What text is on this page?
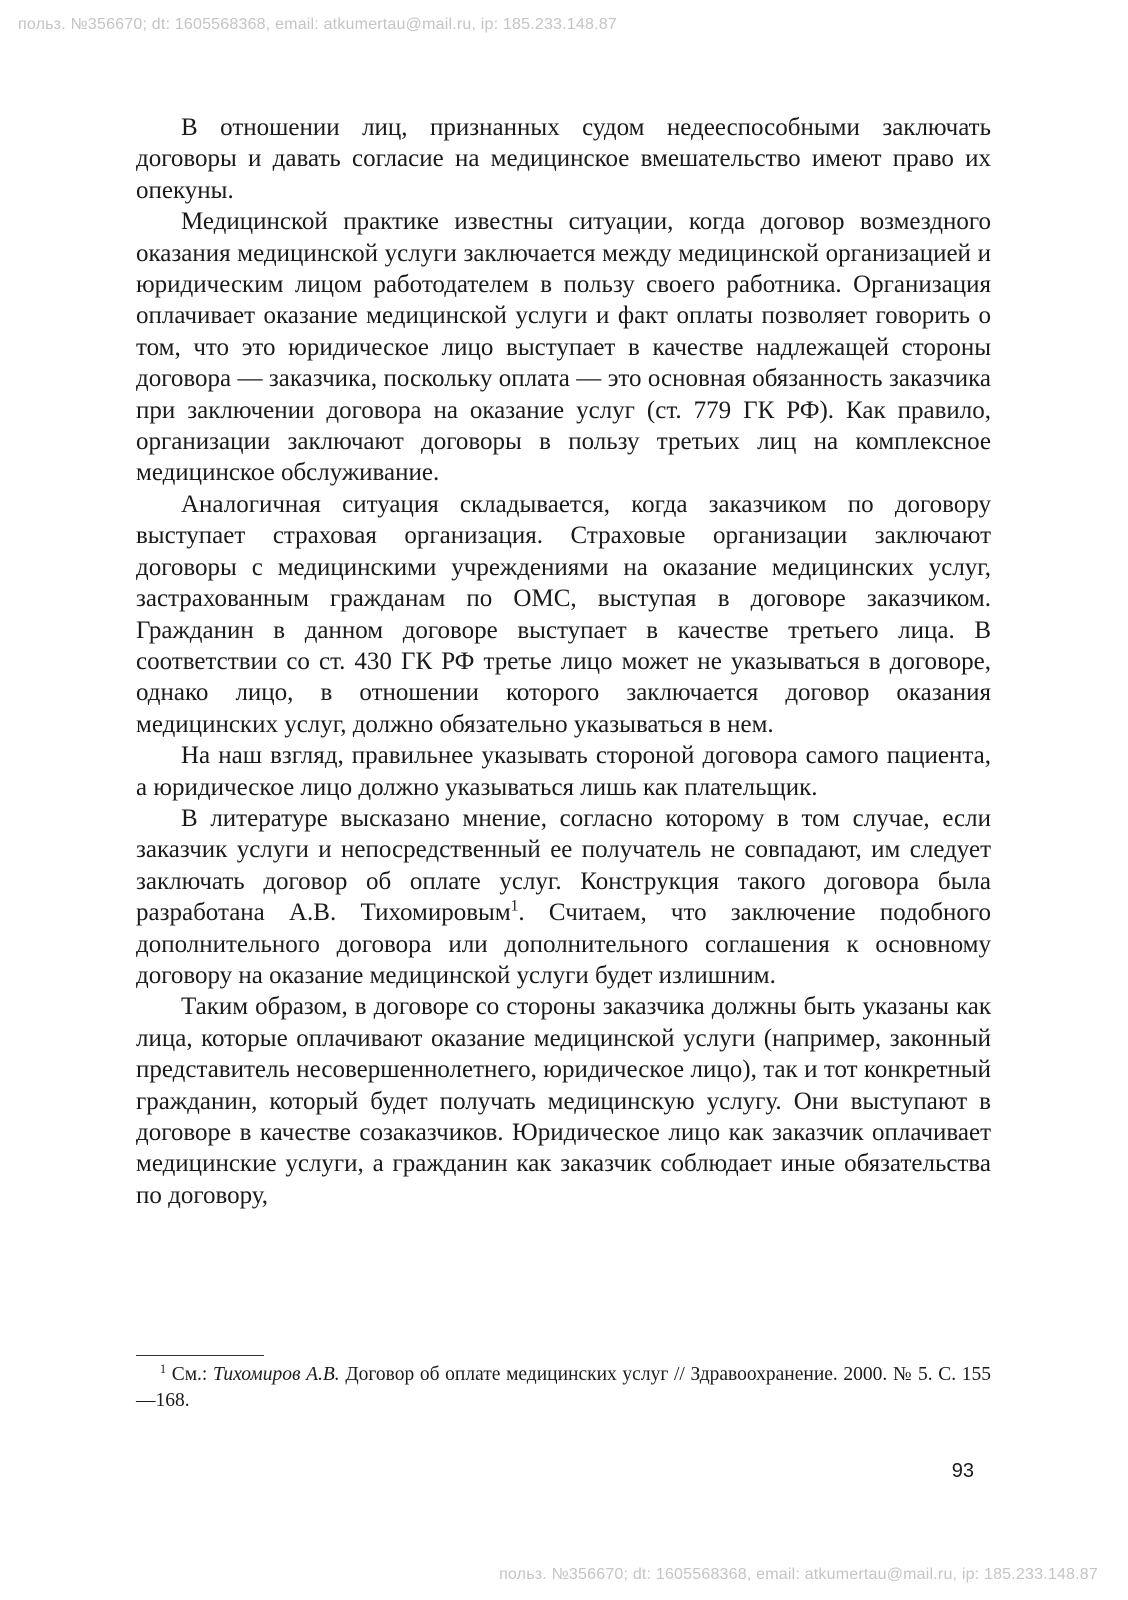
польз. №356670; dt: 1605568368, email: atkumertau@mail.ru, ip: 185.233.148.87

В отношении лиц, признанных судом недееспособными заключать договоры и давать согласие на медицинское вмешательство имеют право их опекуны.

Медицинской практике известны ситуации, когда договор возмездного оказания медицинской услуги заключается между медицинской организацией и юридическим лицом работодателем в пользу своего работника. Организация оплачивает оказание медицинской услуги и факт оплаты позволяет говорить о том, что это юридическое лицо выступает в качестве надлежащей стороны договора — заказчика, поскольку оплата — это основная обязанность заказчика при заключении договора на оказание услуг (ст. 779 ГК РФ). Как правило, организации заключают договоры в пользу третьих лиц на комплексное медицинское обслуживание.

Аналогичная ситуация складывается, когда заказчиком по договору выступает страховая организация. Страховые организации заключают договоры с медицинскими учреждениями на оказание медицинских услуг, застрахованным гражданам по ОМС, выступая в договоре заказчиком. Гражданин в данном договоре выступает в качестве третьего лица. В соответствии со ст. 430 ГК РФ третье лицо может не указываться в договоре, однако лицо, в отношении которого заключается договор оказания медицинских услуг, должно обязательно указываться в нем.

На наш взгляд, правильнее указывать стороной договора самого пациента, а юридическое лицо должно указываться лишь как плательщик.

В литературе высказано мнение, согласно которому в том случае, если заказчик услуги и непосредственный ее получатель не совпадают, им следует заключать договор об оплате услуг. Конструкция такого договора была разработана А.В. Тихомировым$^1$. Считаем, что заключение подобного дополнительного договора или дополнительного соглашения к основному договору на оказание медицинской услуги будет излишним.

Таким образом, в договоре со стороны заказчика должны быть указаны как лица, которые оплачивают оказание медицинской услуги (например, законный представитель несовершеннолетнего, юридическое лицо), так и тот конкретный гражданин, который будет получать медицинскую услугу. Они выступают в договоре в качестве созаказчиков. Юридическое лицо как заказчик оплачивает медицинские услуги, а гражданин как заказчик соблюдает иные обязательства по договору,

$^1$ См.: Тихомиров А.В. Договор об оплате медицинских услуг // Здравоохранение. 2000. № 5. С. 155—168.
93
польз. №356670; dt: 1605568368, email: atkumertau@mail.ru, ip: 185.233.148.87
